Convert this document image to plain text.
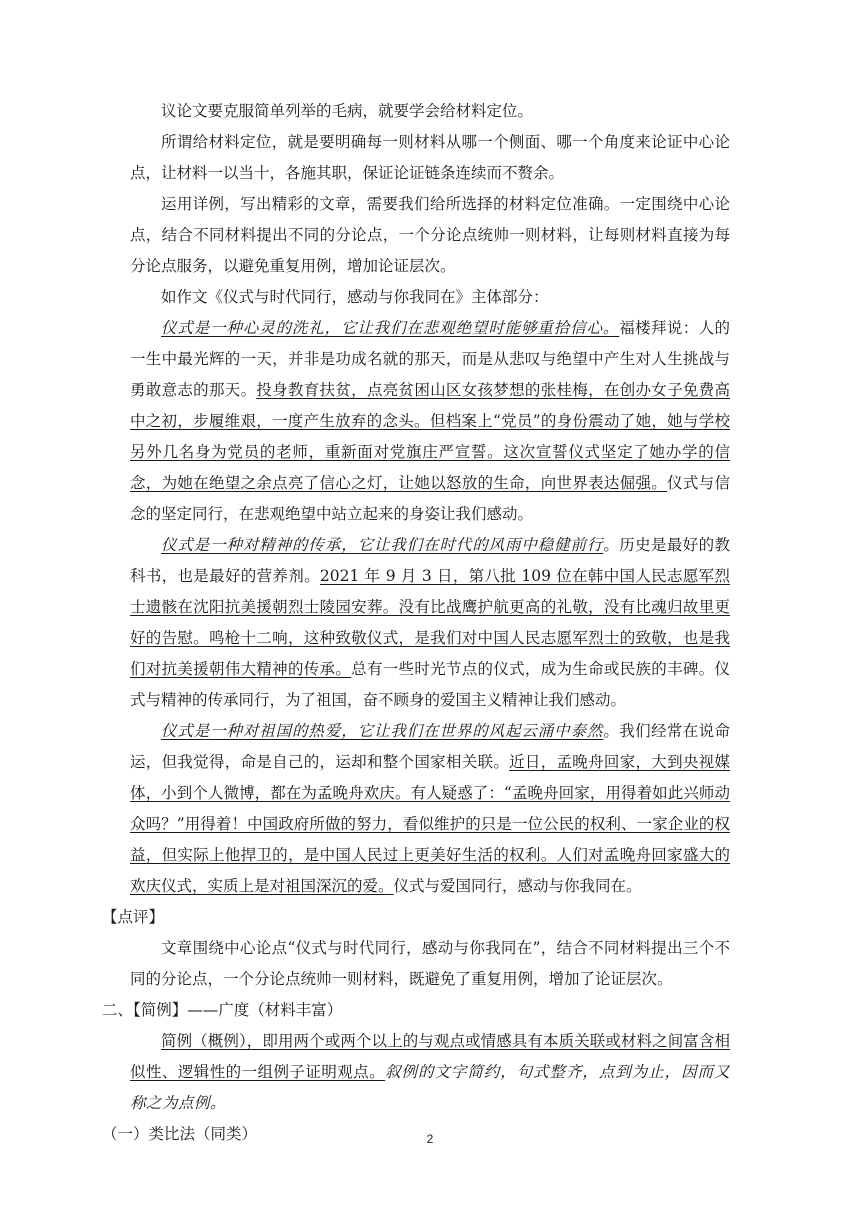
议论文要克服简单列举的毛病，就要学会给材料定位。

所谓给材料定位，就是要明确每一则材料从哪一个侧面、哪一个角度来论证中心论点，让材料一以当十，各施其职，保证论证链条连续而不赘余。

运用详例，写出精彩的文章，需要我们给所选择的材料定位准确。一定围绕中心论点，结合不同材料提出不同的分论点，一个分论点统帅一则材料，让每则材料直接为每分论点服务，以避免重复用例，增加论证层次。

如作文《仪式与时代同行，感动与你我同在》主体部分：

仪式是一种心灵的洗礼，它让我们在悲观绝望时能够重拾信心。福楼拜说：人的一生中最光辉的一天，并非是功成名就的那天，而是从悲叹与绝望中产生对人生挑战与勇敢意志的那天。投身教育扶贫，点亮贫困山区女孩梦想的张桂梅，在创办女子免费高中之初，步履维艰，一度产生放弃的念头。但档案上“党员”的身份震动了她，她与学校另外几名身为党员的老师，重新面对党旗庄严宣誓。这次宣誓仪式坚定了她办学的信念，为她在绝望之余点亮了信心之灯，让她以怒放的生命，向世界表达倔强。仪式与信念的坚定同行，在悲观绝望中站立起来的身姿让我们感动。

仪式是一种对精神的传承，它让我们在时代的风雨中稳健前行。历史是最好的教科书，也是最好的营养剂。2021 年 9 月 3 日，第八批 109 位在韩中国人民志愿军烈士遗骸在沈阳抗美援朝烈士陵园安葬。没有比战鹰护航更高的礼敬，没有比魂归故里更好的告慰。鸣枪十二响，这种致敬仪式，是我们对中国人民志愿军烈士的致敬，也是我们对抗美援朝伟大精神的传承。总有一些时光节点的仪式，成为生命或民族的丰碑。仪式与精神的传承同行，为了祖国，奋不顾身的爱国主义精神让我们感动。

仪式是一种对祖国的热爱，它让我们在世界的风起云涌中泰然。我们经常在说命运，但我觉得，命是自己的，运却和整个国家相关联。近日，孟晚舟回家，大到央视媒体，小到个人微博，都在为孟晚舟欢庆。有人疑惑了：“孟晚舟回家，用得着如此兴师动众吗？”用得着！中国政府所做的努力，看似维护的只是一位公民的权利、一家企业的权益，但实际上他捍卫的，是中国人民过上更美好生活的权利。人们对孟晚舟回家盛大的欢庆仪式，实质上是对祖国深沉的爱。仪式与爱国同行，感动与你我同在。

【点评】

文章围绕中心论点“仪式与时代同行，感动与你我同在”，结合不同材料提出三个不同的分论点，一个分论点统帅一则材料，既避免了重复用例，增加了论证层次。

二、【简例】——广度（材料丰富）

简例（概例），即用两个或两个以上的与观点或情感具有本质关联或材料之间富含相似性、逻辑性的一组例子证明观点。叙例的文字简约，句式整齐，点到为止，因而又称之为点例。

（一）类比法（同类）	2
